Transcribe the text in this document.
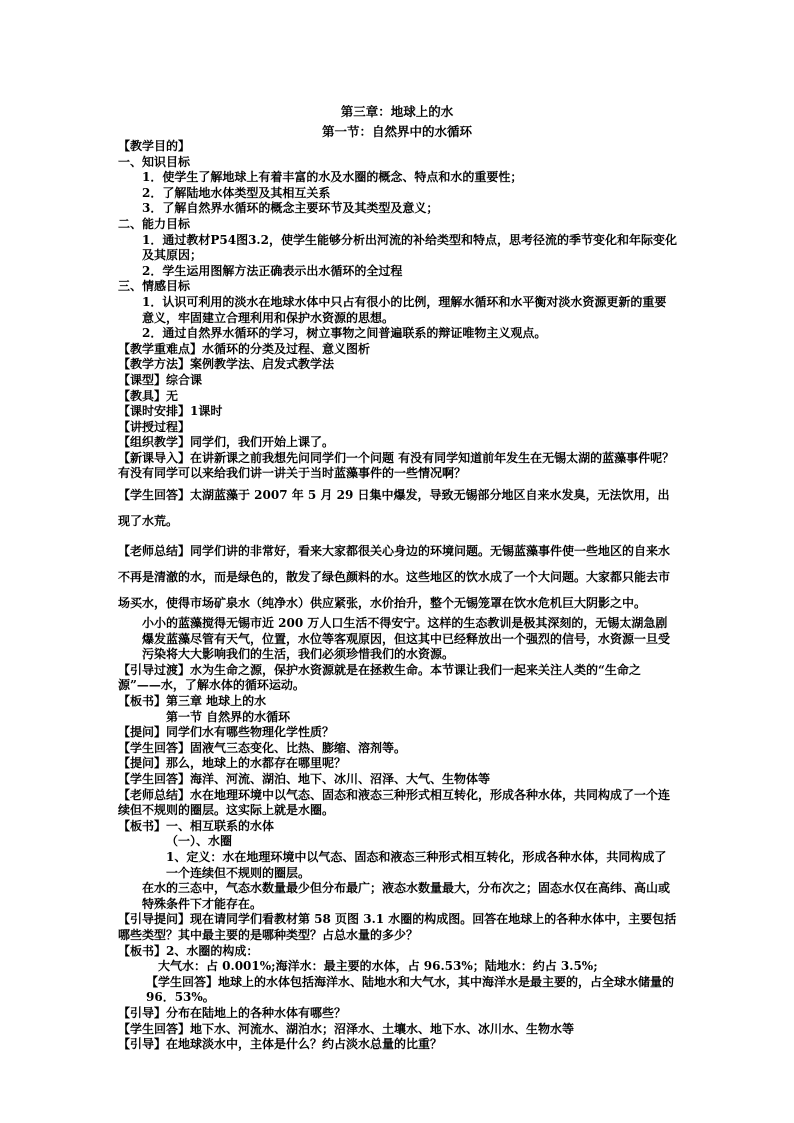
第三章：地球上的水
第一节：自然界中的水循环
【教学目的】
一、知识目标
1．使学生了解地球上有着丰富的水及水圈的概念、特点和水的重要性；
2．了解陆地水体类型及其相互关系
3．了解自然界水循环的概念主要环节及其类型及意义；
二、能力目标
1．通过教材P54图3.2，使学生能够分析出河流的补给类型和特点，思考径流的季节变化和年际变化及其原因；
2．学生运用图解方法正确表示出水循环的全过程
三、情感目标
1．认识可利用的淡水在地球水体中只占有很小的比例，理解水循环和水平衡对淡水资源更新的重要意义，牢固建立合理利用和保护水资源的思想。
2．通过自然界水循环的学习，树立事物之间普遍联系的辩证唯物主义观点。
【教学重难点】水循环的分类及过程、意义图析
【教学方法】案例教学法、启发式教学法
【课型】综合课
【教具】无
【课时安排】1课时
【讲授过程】
【组织教学】同学们，我们开始上课了。
【新课导入】在讲新课之前我想先问同学们一个问题 有没有同学知道前年发生在无锡太湖的蓝藻事件呢？有没有同学可以来给我们讲一讲关于当时蓝藻事件的一些情况啊？
【学生回答】太湖蓝藻于 2007 年 5 月 29 日集中爆发，导致无锡部分地区自来水发臭，无法饮用，出现了水荒。
【老师总结】同学们讲的非常好，看来大家都很关心身边的环境问题。无锡蓝藻事件使一些地区的自来水不再是清澈的水，而是绿色的，散发了绿色颜料的水。这些地区的饮水成了一个大问题。大家都只能去市场买水，使得市场矿泉水（纯净水）供应紧张，水价抬升，整个无锡笼罩在饮水危机巨大阴影之中。
小小的蓝藻搅得无锡市近 200 万人口生活不得安宁。这样的生态教训是极其深刻的，无锡太湖急剧爆发蓝藻尽管有天气，位置，水位等客观原因，但这其中已经释放出一个强烈的信号，水资源一旦受污染将大大影响我们的生活，我们必须珍惜我们的水资源。
【引导过渡】水为生命之源，保护水资源就是在拯救生命。本节课让我们一起来关注人类的“生命之源”——水，了解水体的循环运动。
【板书】第三章 地球上的水
第一节 自然界的水循环
【提问】同学们水有哪些物理化学性质？
【学生回答】固液气三态变化、比热、膨缩、溶剂等。
【提问】那么，地球上的水都存在哪里呢？
【学生回答】海洋、河流、湖泊、地下、冰川、沼泽、大气、生物体等
【老师总结】水在地理环境中以气态、固态和液态三种形式相互转化，形成各种水体，共同构成了一个连续但不规则的圈层。这实际上就是水圈。
【板书】一、相互联系的水体
（一）、水圈
1、定义：水在地理环境中以气态、固态和液态三种形式相互转化，形成各种水体，共同构成了一个连续但不规则的圈层。
在水的三态中，气态水数量最少但分布最广；液态水数量最大，分布次之；固态水仅在高纬、高山或特殊条件下才能存在。
【引导提问】现在请同学们看教材第 58 页图 3.1 水圈的构成图。回答在地球上的各种水体中，主要包括哪些类型？其中最主要的是哪种类型？占总水量的多少？
【板书】2、水圈的构成：
大气水：占 0.001%;海洋水：最主要的水体，占 96.53%；陆地水：约占 3.5%;
【学生回答】地球上的水体包括海洋水、陆地水和大气水，其中海洋水是最主要的，占全球水储量的 96．53%。
【引导】分布在陆地上的各种水体有哪些？
【学生回答】地下水、河流水、湖泊水；沼泽水、土壤水、地下水、冰川水、生物水等
【引导】在地球淡水中，主体是什么？约占淡水总量的比重？
